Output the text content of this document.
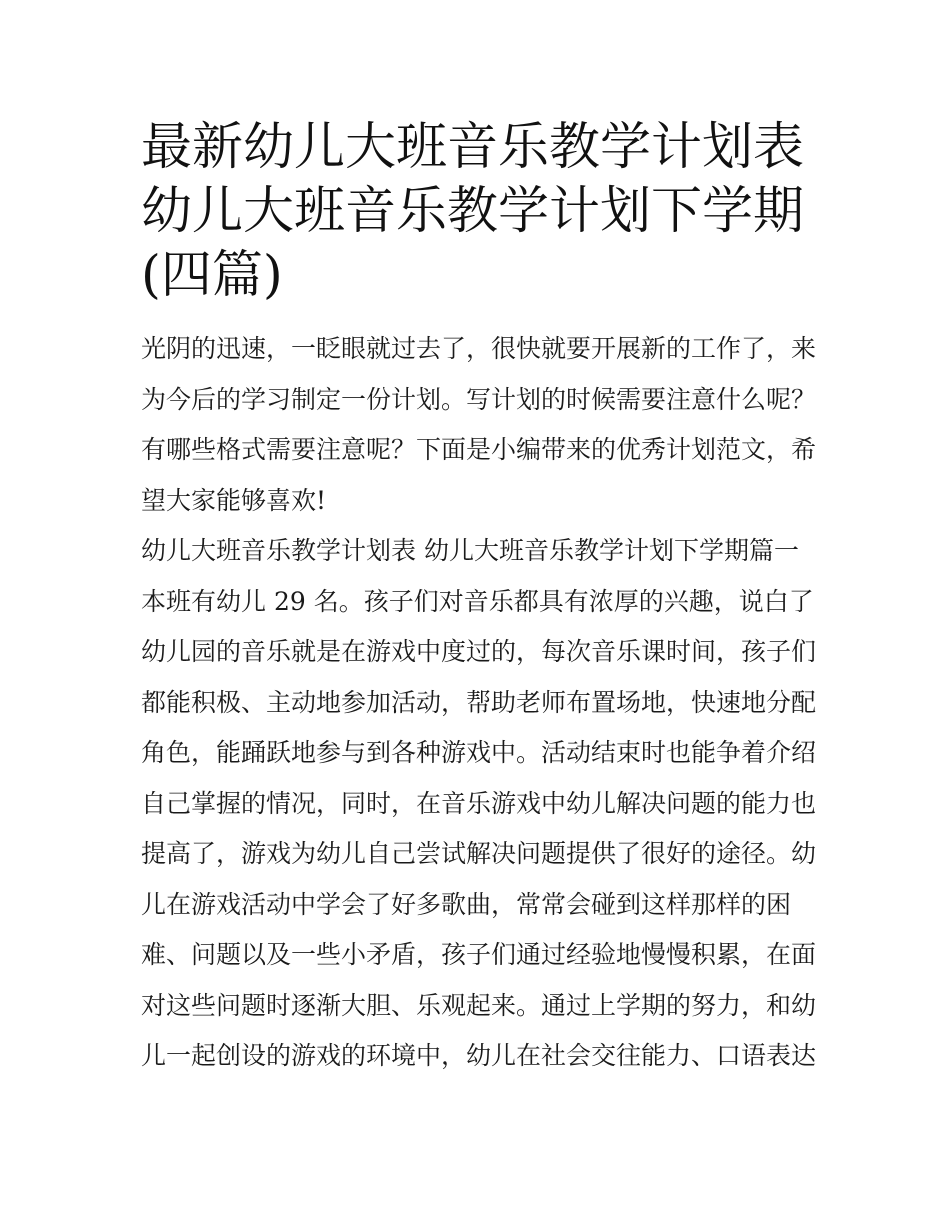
最新幼儿大班音乐教学计划表
幼儿大班音乐教学计划下学期
(四篇)
光阴的迅速，一眨眼就过去了，很快就要开展新的工作了，来
为今后的学习制定一份计划。写计划的时候需要注意什么呢？
有哪些格式需要注意呢？下面是小编带来的优秀计划范文，希
望大家能够喜欢!
幼儿大班音乐教学计划表 幼儿大班音乐教学计划下学期篇一
本班有幼儿 29 名。孩子们对音乐都具有浓厚的兴趣，说白了
幼儿园的音乐就是在游戏中度过的，每次音乐课时间，孩子们
都能积极、主动地参加活动，帮助老师布置场地，快速地分配
角色，能踊跃地参与到各种游戏中。活动结束时也能争着介绍
自己掌握的情况，同时，在音乐游戏中幼儿解决问题的能力也
提高了，游戏为幼儿自己尝试解决问题提供了很好的途径。幼
儿在游戏活动中学会了好多歌曲，常常会碰到这样那样的困
难、问题以及一些小矛盾，孩子们通过经验地慢慢积累，在面
对这些问题时逐渐大胆、乐观起来。通过上学期的努力，和幼
儿一起创设的游戏的环境中，幼儿在社会交往能力、口语表达
